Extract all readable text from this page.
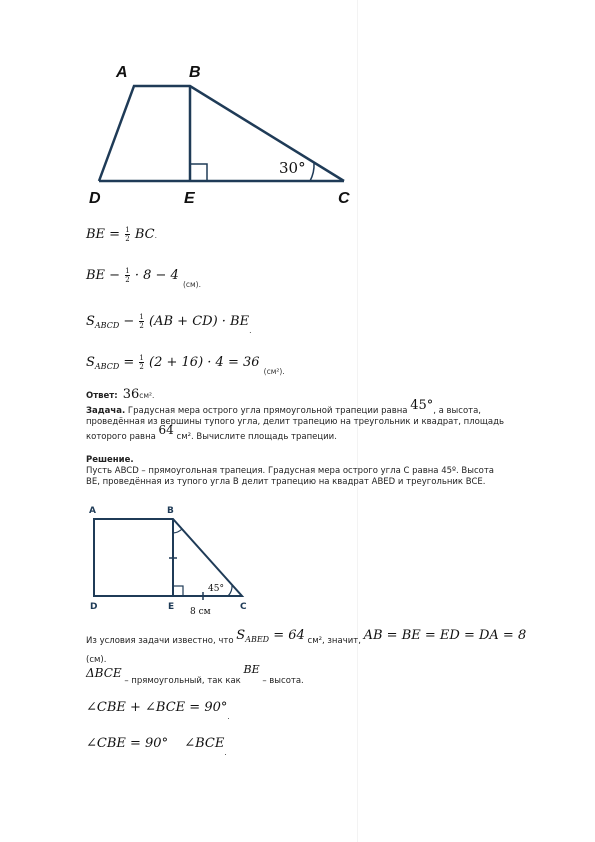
A	B
C
D	E
30°
BE = $\frac{1}{2}$ BC.
BE − $\frac{1}{2} \cdot 8 - 4$ $_{(см).}$
$S_{ABCD} - \frac{1}{2} (AB + CD) \cdot BE_.$
$S_{ABCD} = \frac{1}{2} (2 + 16) \cdot 4 = 36$ $_{(см^2).}$
Ответ: 36см².
Задача. Градусная мера острого угла прямоугольной трапеции равна 45°, а высота,
проведённая из вершины тупого угла, делит трапецию на треугольник и квадрат, площадь
которого равна 64 см². Вычислите площадь трапеции.
Решение.
Пусть ABCD – прямоугольная трапеция. Градусная мера острого угла C равна 45º. Высота
BE, проведённая из тупого угла B делит трапецию на квадрат ABED и треугольник BCE.
A	B
C
D	E
45°
8 см
Из условия задачи известно, что $S_{ABED} = 64$ см², значит, AB = BE = ED = DA = 8
(см).
ΔBCE – прямоугольный, так как BE – высота.
∠CBE + ∠BCE = $90^\circ_.$
∠CBE = 90° $\angle BCE_.$
